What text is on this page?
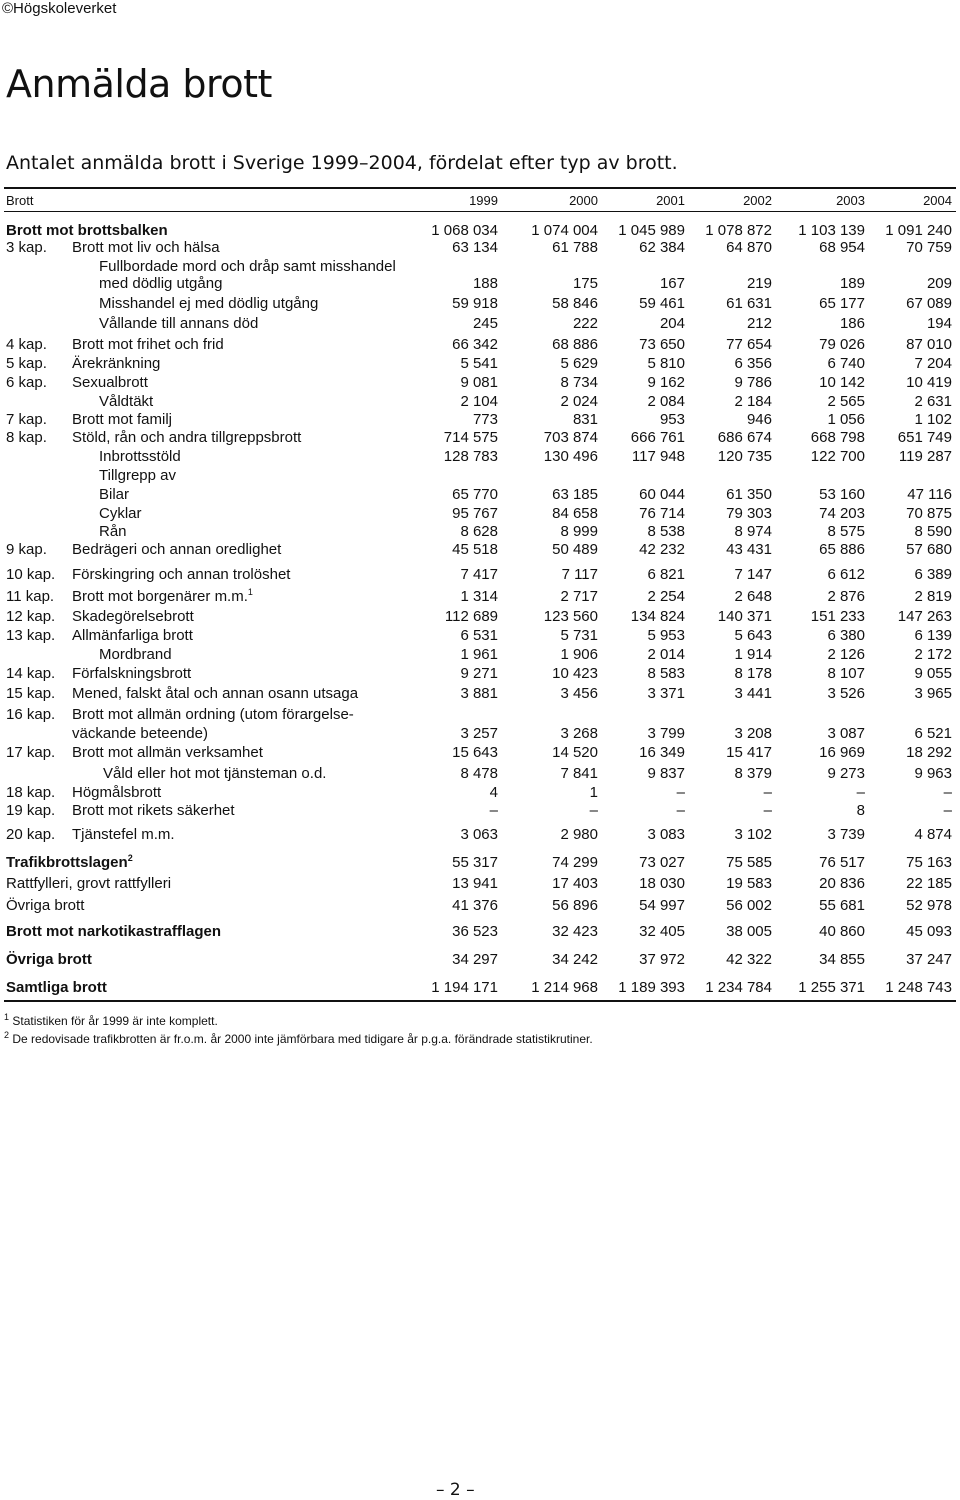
©Högskoleverket
Anmälda brott
Antalet anmälda brott i Sverige 1999–2004, fördelat efter typ av brott.
Brott	1999	2000	2001	2002	2003	2004
Brott mot brottsbalken	1 068 034	1 074 004	1 045 989	1 078 872	1 103 139	1 091 240
3 kap. Brott mot liv och hälsa	63 134	61 788	62 384	64 870	68 954	70 759
Fullbordade mord och dråp samt misshandel
med dödlig utgång	188	175	167	219	189	209
Misshandel ej med dödlig utgång	59 918	58 846	59 461	61 631	65 177	67 089
Vållande till annans död	245	222	204	212	186	194
4 kap. Brott mot frihet och frid	66 342	68 886	73 650	77 654	79 026	87 010
5 kap. Ärekränkning	5 541	5 629	5 810	6 356	6 740	7 204
6 kap. Sexualbrott	9 081	8 734	9 162	9 786	10 142	10 419
Våldtäkt	2 104	2 024	2 084	2 184	2 565	2 631
7 kap. Brott mot familj	773	831	953	946	1 056	1 102
8 kap. Stöld, rån och andra tillgreppsbrott	714 575	703 874	666 761	686 674	668 798	651 749
Inbrottsstöld	128 783	130 496	117 948	120 735	122 700	119 287
Tillgrepp av
Bilar	65 770	63 185	60 044	61 350	53 160	47 116
Cyklar	95 767	84 658	76 714	79 303	74 203	70 875
Rån	8 628	8 999	8 538	8 974	8 575	8 590
9 kap. Bedrägeri och annan oredlighet	45 518	50 489	42 232	43 431	65 886	57 680
10 kap. Förskingring och annan trolöshet	7 417	7 117	6 821	7 147	6 612	6 389
11 kap. Brott mot borgenärer m.m.$^1$	1 314	2 717	2 254	2 648	2 876	2 819
12 kap. Skadegörelsebrott	112 689	123 560	134 824	140 371	151 233	147 263
13 kap. Allmänfarliga brott	6 531	5 731	5 953	5 643	6 380	6 139
Mordbrand	1 961	1 906	2 014	1 914	2 126	2 172
14 kap. Förfalskningsbrott	9 271	10 423	8 583	8 178	8 107	9 055
15 kap. Mened, falskt åtal och annan osann utsaga	3 881	3 456	3 371	3 441	3 526	3 965
16 kap. Brott mot allmän ordning (utom förargelse-
väckande beteende)	3 257	3 268	3 799	3 208	3 087	6 521
17 kap. Brott mot allmän verksamhet	15 643	14 520	16 349	15 417	16 969	18 292
Våld eller hot mot tjänsteman o.d.	8 478	7 841	9 837	8 379	9 273	9 963
18 kap. Högmålsbrott	4	1	–	–	–	–
19 kap. Brott mot rikets säkerhet	–	–	–	–	8	–
20 kap. Tjänstefel m.m.	3 063	2 980	3 083	3 102	3 739	4 874
Trafikbrottslagen$^2$	55 317	74 299	73 027	75 585	76 517	75 163
Rattfylleri, grovt rattfylleri	13 941	17 403	18 030	19 583	20 836	22 185
Övriga brott	41 376	56 896	54 997	56 002	55 681	52 978
Brott mot narkotikastrafflagen	36 523	32 423	32 405	38 005	40 860	45 093
Övriga brott	34 297	34 242	37 972	42 322	34 855	37 247
Samtliga brott	1 194 171	1 214 968	1 189 393	1 234 784	1 255 371	1 248 743
$^1$ Statistiken för år 1999 är inte komplett.
$^2$ De redovisade trafikbrotten är fr.o.m. år 2000 inte jämförbara med tidigare år p.g.a. förändrade statistikrutiner.
– 2 –
